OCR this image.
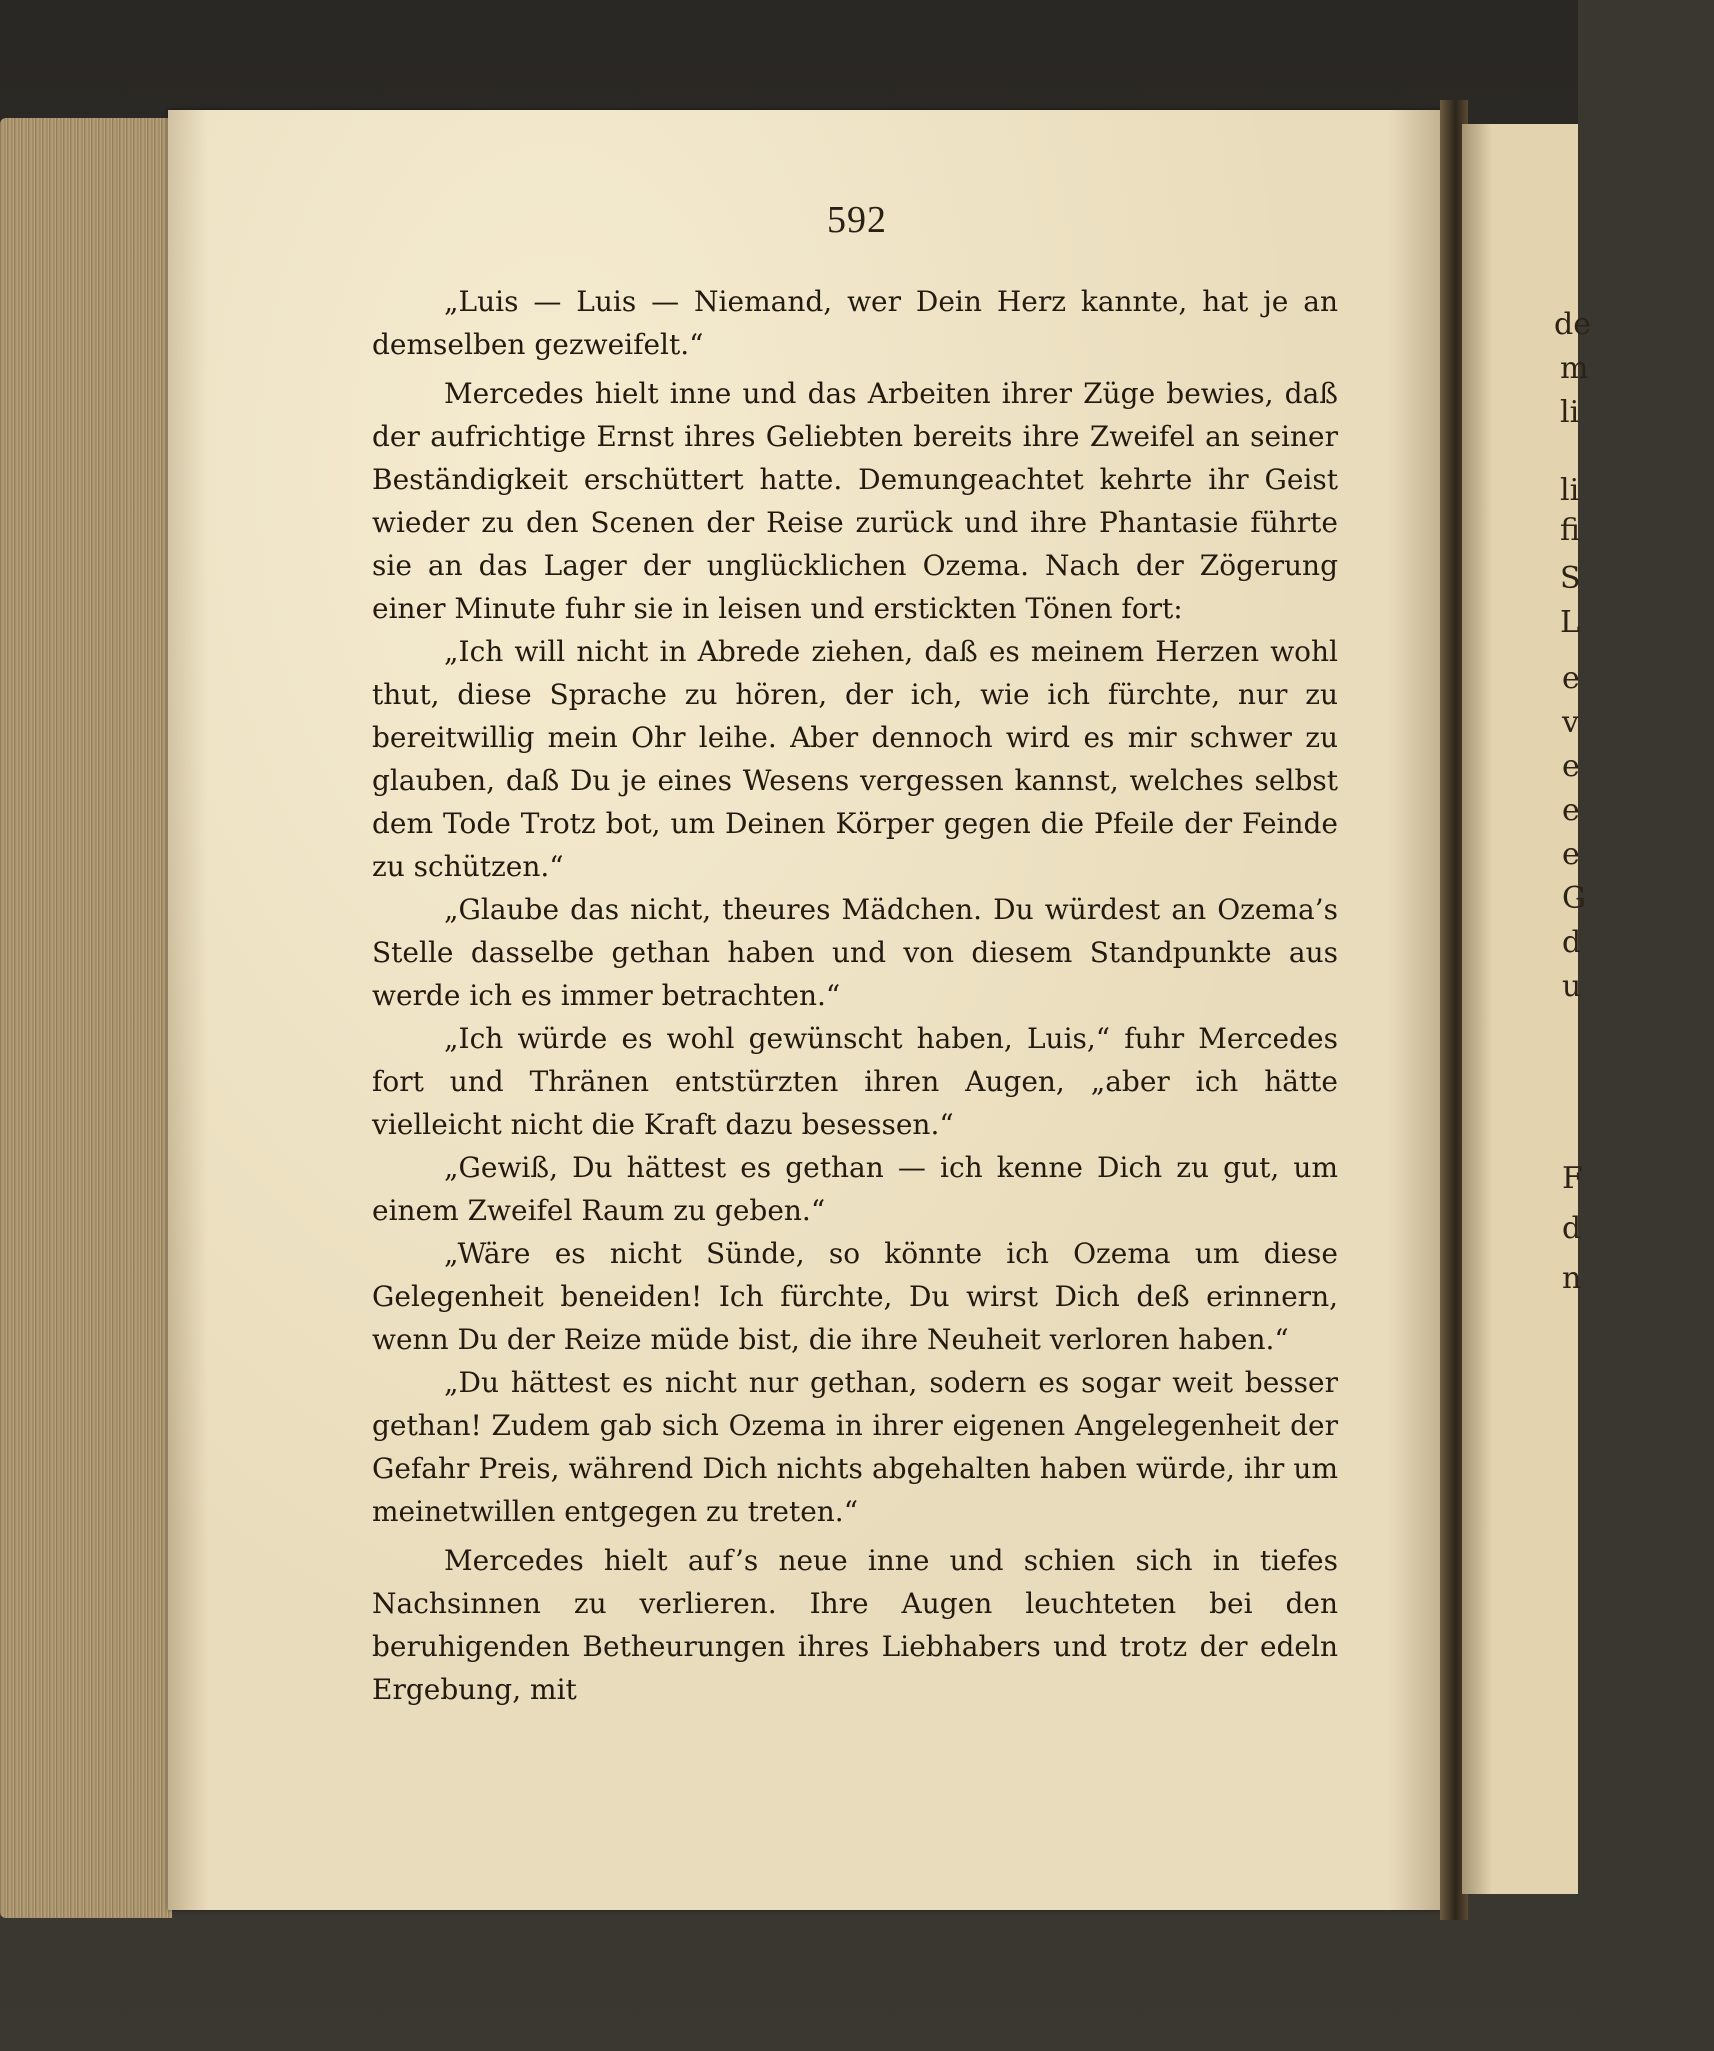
de
m
li
li
fi
S
L
e
v
e
e
e
G
d
u
F
d
n
592

„Luis — Luis — Niemand, wer Dein Herz kannte, hat je an demselben gezweifelt.“

Mercedes hielt inne und das Arbeiten ihrer Züge bewies, daß der aufrichtige Ernst ihres Geliebten bereits ihre Zweifel an seiner Beständigkeit erschüttert hatte. Demungeachtet kehrte ihr Geist wieder zu den Scenen der Reise zurück und ihre Phantasie führte sie an das Lager der unglücklichen Ozema. Nach der Zögerung einer Minute fuhr sie in leisen und erstickten Tönen fort:

„Ich will nicht in Abrede ziehen, daß es meinem Herzen wohl thut, diese Sprache zu hören, der ich, wie ich fürchte, nur zu bereitwillig mein Ohr leihe. Aber dennoch wird es mir schwer zu glauben, daß Du je eines Wesens vergessen kannst, welches selbst dem Tode Trotz bot, um Deinen Körper gegen die Pfeile der Feinde zu schützen.“

„Glaube das nicht, theures Mädchen. Du würdest an Ozema’s Stelle dasselbe gethan haben und von diesem Standpunkte aus werde ich es immer betrachten.“

„Ich würde es wohl gewünscht haben, Luis,“ fuhr Mercedes fort und Thränen entstürzten ihren Augen, „aber ich hätte vielleicht nicht die Kraft dazu besessen.“

„Gewiß, Du hättest es gethan — ich kenne Dich zu gut, um einem Zweifel Raum zu geben.“

„Wäre es nicht Sünde, so könnte ich Ozema um diese Gelegenheit beneiden! Ich fürchte, Du wirst Dich deß erinnern, wenn Du der Reize müde bist, die ihre Neuheit verloren haben.“

„Du hättest es nicht nur gethan, sodern es sogar weit besser gethan! Zudem gab sich Ozema in ihrer eigenen Angelegenheit der Gefahr Preis, während Dich nichts abgehalten haben würde, ihr um meinetwillen entgegen zu treten.“

Mercedes hielt auf’s neue inne und schien sich in tiefes Nachsinnen zu verlieren. Ihre Augen leuchteten bei den beruhigenden Betheurungen ihres Liebhabers und trotz der edeln Ergebung, mit
